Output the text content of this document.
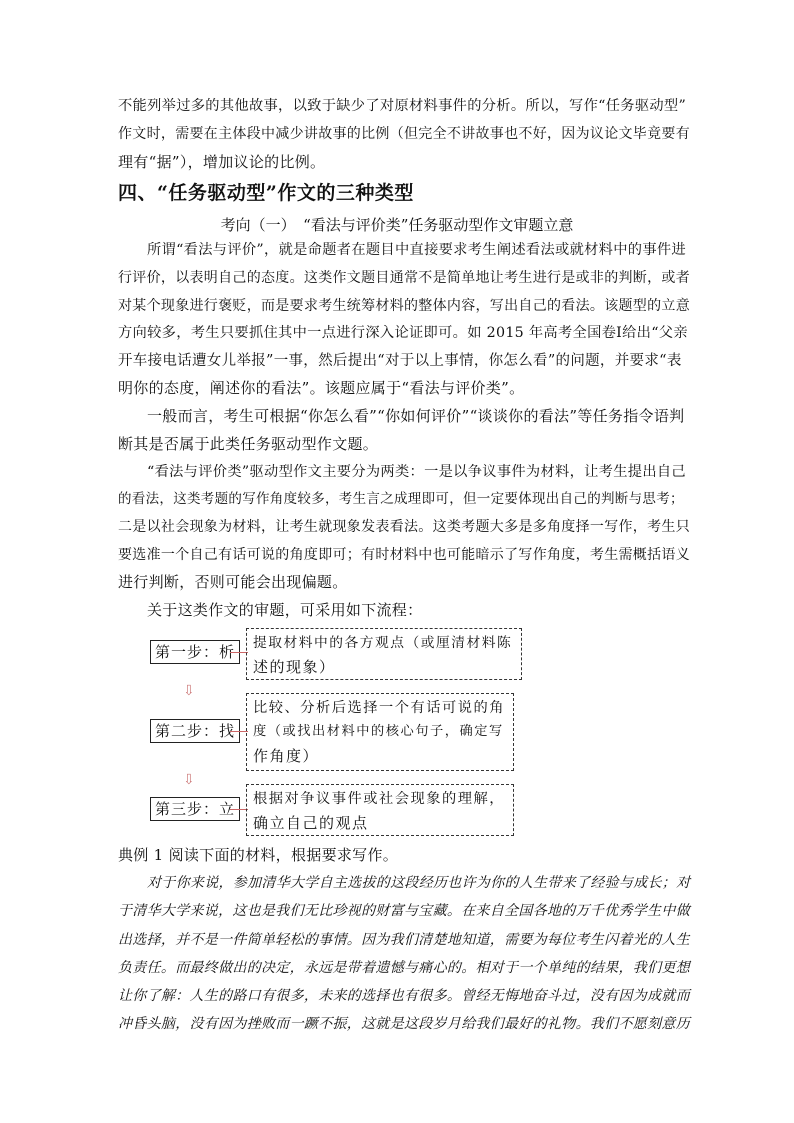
不能列举过多的其他故事，以致于缺少了对原材料事件的分析。所以，写作“任务驱动型”
作文时，需要在主体段中减少讲故事的比例（但完全不讲故事也不好，因为议论文毕竟要有
理有“据”），增加议论的比例。
四、“任务驱动型”作文的三种类型
考向（一）　“看法与评价类”任务驱动型作文审题立意
所谓“看法与评价”，就是命题者在题目中直接要求考生阐述看法或就材料中的事件进
行评价，以表明自己的态度。这类作文题目通常不是简单地让考生进行是或非的判断，或者
对某个现象进行褒贬，而是要求考生统筹材料的整体内容，写出自己的看法。该题型的立意
方向较多，考生只要抓住其中一点进行深入论证即可。如 2015 年高考全国卷Ⅰ给出“父亲
开车接电话遭女儿举报”一事，然后提出“对于以上事情，你怎么看”的问题，并要求“表
明你的态度，阐述你的看法”。该题应属于“看法与评价类”。
一般而言，考生可根据“你怎么看”“你如何评价”“谈谈你的看法”等任务指令语判
断其是否属于此类任务驱动型作文题。
“看法与评价类”驱动型作文主要分为两类：一是以争议事件为材料，让考生提出自己
的看法，这类考题的写作角度较多，考生言之成理即可，但一定要体现出自己的判断与思考；
二是以社会现象为材料，让考生就现象发表看法。这类考题大多是多角度择一写作，考生只
要选准一个自己有话可说的角度即可；有时材料中也可能暗示了写作角度，考生需概括语义
进行判断，否则可能会出现偏题。
关于这类作文的审题，可采用如下流程：
第一步：析	提取材料中的各方观点（或厘清材料陈
述的现象）
⇩
第二步：找
比较、分析后选择一个有话可说的角
度（或找出材料中的核心句子，确定写
作角度）
⇩
第三步：立
根据对争议事件或社会现象的理解，
确立自己的观点
典例 1 阅读下面的材料，根据要求写作。
对于你来说，参加清华大学自主选拔的这段经历也许为你的人生带来了经验与成长；对
于清华大学来说，这也是我们无比珍视的财富与宝藏。在来自全国各地的万千优秀学生中做
出选择，并不是一件简单轻松的事情。因为我们清楚地知道，需要为每位考生闪着光的人生
负责任。而最终做出的决定，永远是带着遗憾与痛心的。相对于一个单纯的结果，我们更想
让你了解：人生的路口有很多，未来的选择也有很多。曾经无悔地奋斗过，没有因为成就而
冲昏头脑，没有因为挫败而一蹶不振，这就是这段岁月给我们最好的礼物。我们不愿刻意历
